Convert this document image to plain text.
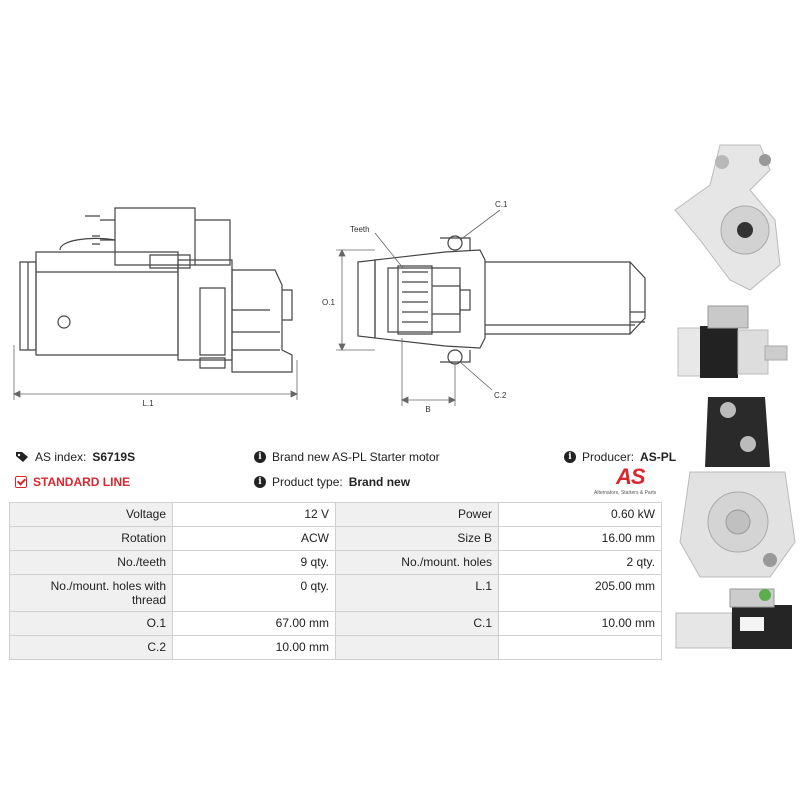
L.1
O.1
B
C.1
C.2
Teeth
AS index: S6719S
STANDARD LINE
i Brand new AS-PL Starter motor
i Product type: Brand new
i Producer: AS-PL
AS
Alternators, Starters & Parts
Voltage	12 V	Power	0.60 kW
Rotation	ACW	Size B	16.00 mm
No./teeth	9 qty.	No./mount. holes	2 qty.
No./mount. holes with thread	0 qty.	L.1	205.00 mm
O.1	67.00 mm	C.1	10.00 mm
C.2	10.00 mm		
